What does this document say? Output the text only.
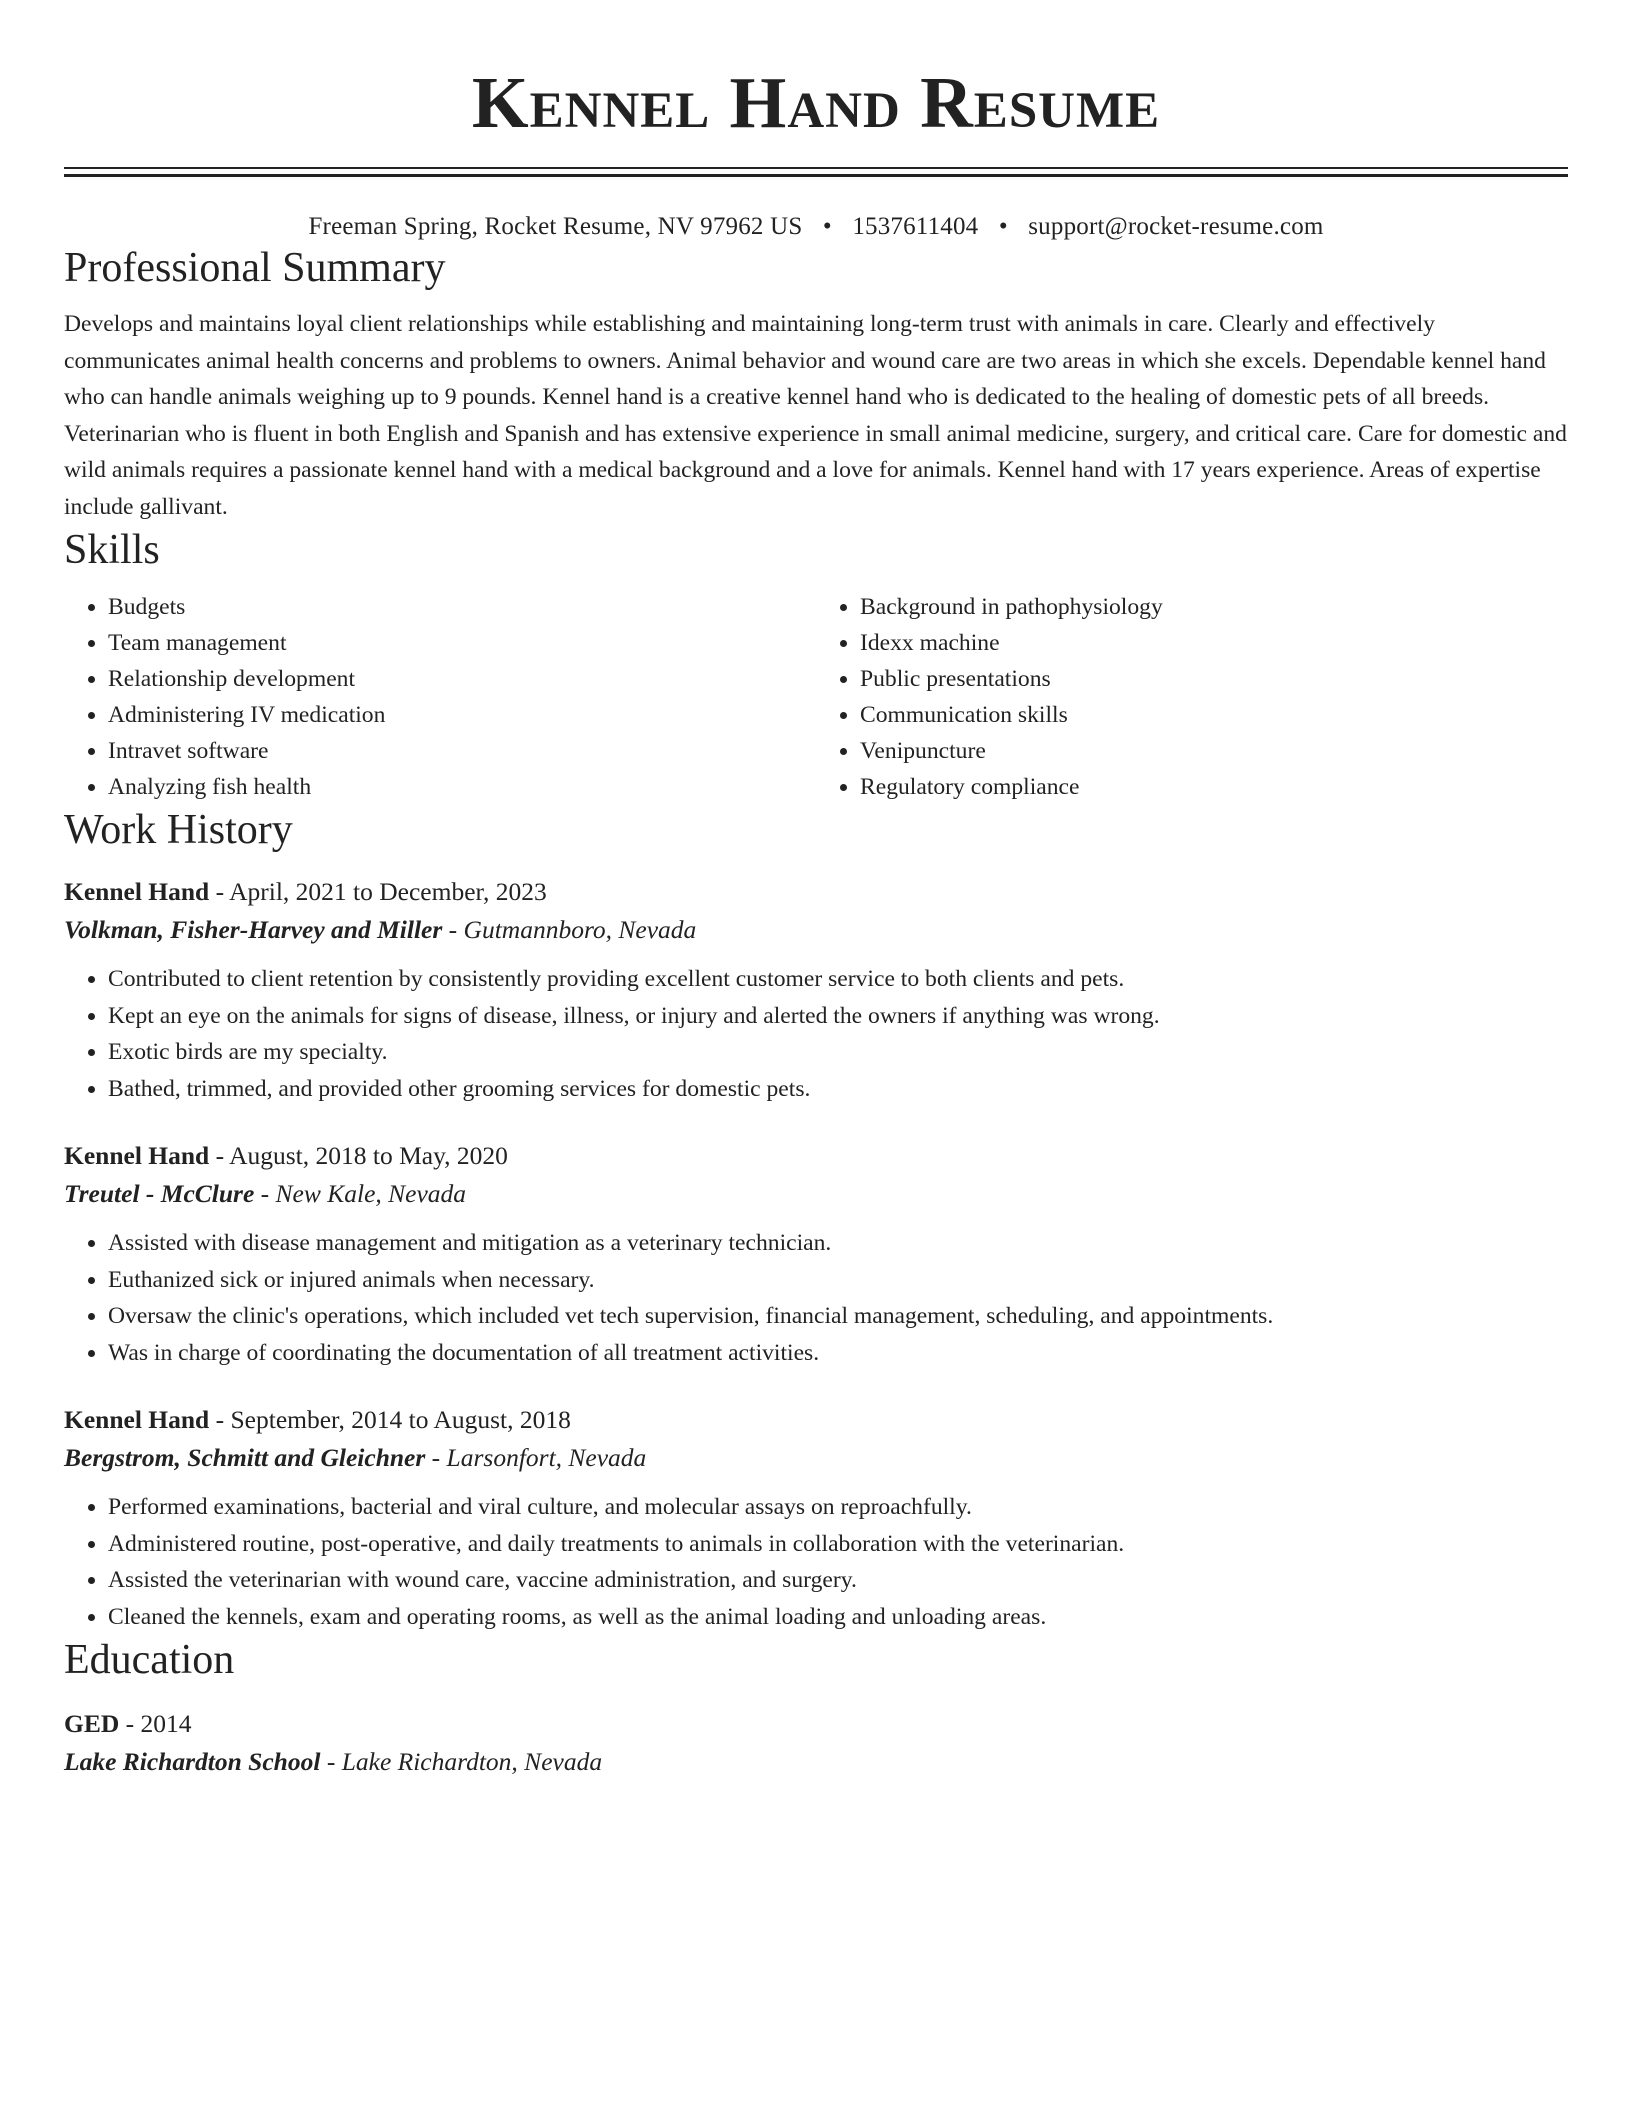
Kennel Hand Resume
Freeman Spring, Rocket Resume, NV 97962 US • 1537611404 • support@rocket-resume.com
Professional Summary
Develops and maintains loyal client relationships while establishing and maintaining long-term trust with animals in care. Clearly and effectively communicates animal health concerns and problems to owners. Animal behavior and wound care are two areas in which she excels. Dependable kennel hand who can handle animals weighing up to 9 pounds. Kennel hand is a creative kennel hand who is dedicated to the healing of domestic pets of all breeds. Veterinarian who is fluent in both English and Spanish and has extensive experience in small animal medicine, surgery, and critical care. Care for domestic and wild animals requires a passionate kennel hand with a medical background and a love for animals. Kennel hand with 17 years experience. Areas of expertise include gallivant.
Skills
• Budgets
• Team management
• Relationship development
• Administering IV medication
• Intravet software
• Analyzing fish health
• Background in pathophysiology
• Idexx machine
• Public presentations
• Communication skills
• Venipuncture
• Regulatory compliance
Work History
Kennel Hand - April, 2021 to December, 2023
Volkman, Fisher-Harvey and Miller - Gutmannboro, Nevada
• Contributed to client retention by consistently providing excellent customer service to both clients and pets.
• Kept an eye on the animals for signs of disease, illness, or injury and alerted the owners if anything was wrong.
• Exotic birds are my specialty.
• Bathed, trimmed, and provided other grooming services for domestic pets.
Kennel Hand - August, 2018 to May, 2020
Treutel - McClure - New Kale, Nevada
• Assisted with disease management and mitigation as a veterinary technician.
• Euthanized sick or injured animals when necessary.
• Oversaw the clinic's operations, which included vet tech supervision, financial management, scheduling, and appointments.
• Was in charge of coordinating the documentation of all treatment activities.
Kennel Hand - September, 2014 to August, 2018
Bergstrom, Schmitt and Gleichner - Larsonfort, Nevada
• Performed examinations, bacterial and viral culture, and molecular assays on reproachfully.
• Administered routine, post-operative, and daily treatments to animals in collaboration with the veterinarian.
• Assisted the veterinarian with wound care, vaccine administration, and surgery.
• Cleaned the kennels, exam and operating rooms, as well as the animal loading and unloading areas.
Education
GED - 2014
Lake Richardton School - Lake Richardton, Nevada
